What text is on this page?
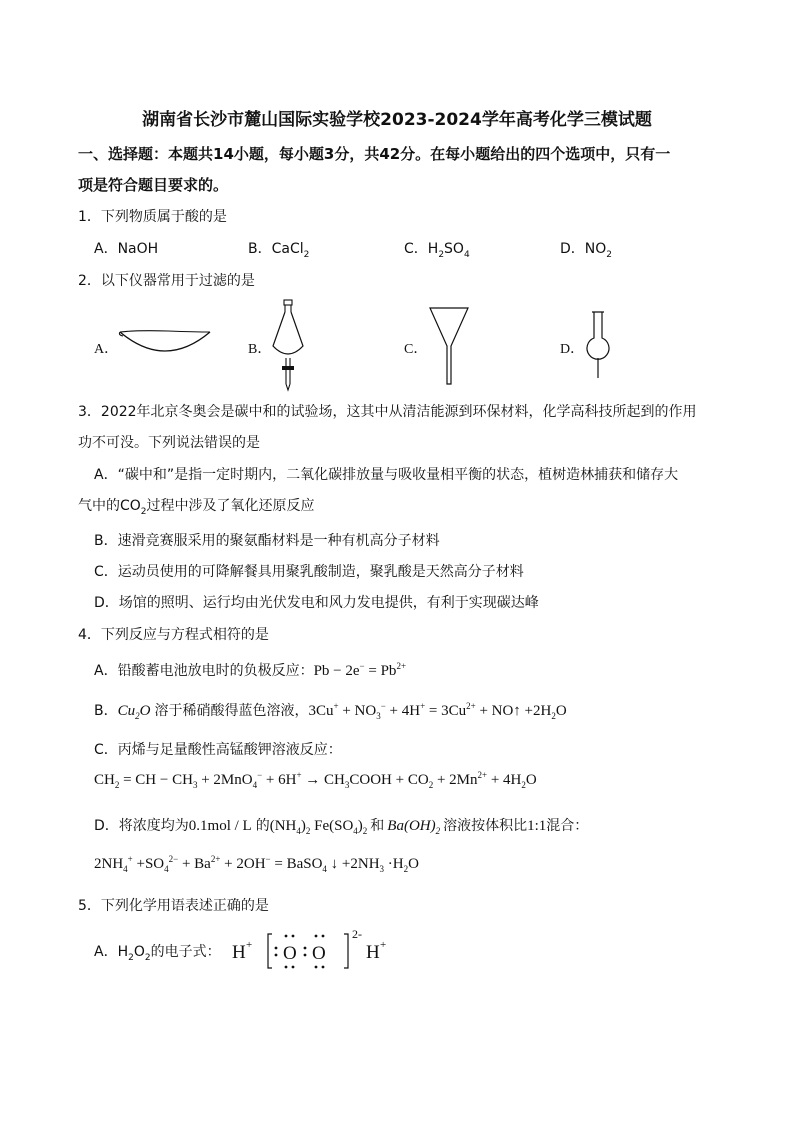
湖南省长沙市麓山国际实验学校2023-2024学年高考化学三模试题
一、选择题：本题共14小题，每小题3分，共42分。在每小题给出的四个选项中，只有一
项是符合题目要求的。
1．下列物质属于酸的是
A．NaOH	B．CaCl$_2$	C．$H_2SO_4$	D．$NO_2$
2．以下仪器常用于过滤的是
A．	B．	C．	D．
3．2022年北京冬奥会是碳中和的试验场，这其中从清洁能源到环保材料，化学高科技所起到的作用
功不可没。下列说法错误的是
A．“碳中和”是指一定时期内，二氧化碳排放量与吸收量相平衡的状态，植树造林捕获和储存大
气中的$CO_2$过程中涉及了氧化还原反应
B．速滑竞赛服采用的聚氨酯材料是一种有机高分子材料
C．运动员使用的可降解餐具用聚乳酸制造，聚乳酸是天然高分子材料
D．场馆的照明、运行均由光伏发电和风力发电提供，有利于实现碳达峰
4．下列反应与方程式相符的是
A．铅酸蓄电池放电时的负极反应：$Pb - 2e^- = Pb^{2+}$
B．$Cu_2O$ 溶于稀硝酸得蓝色溶液，$3Cu^+ + NO_3^- + 4H^+ = 3Cu^{2+}$ + NO↑ $+2H_2O$
C．丙烯与足量酸性高锰酸钾溶液反应：
$CH_2$ = CH − $CH_3 + 2MnO_4^- + 6H^+$ → $CH_3COOH + CO_2 + 2Mn^{2+} + 4H_2O$
D．将浓度均为0.1mol / L 的$(NH_4)_2$ $Fe(SO_4)_2$ 和 $Ba(OH)_2$ 溶液按体积比1:1混合：
$2NH_4^+ +SO_4^{2-} + Ba^{2+} + 2OH^-$ = BaSO$_4$ ↓ $+2NH_3 \cdot H_2O$
5．下列化学用语表述正确的是
A．$H_2O_2$的电子式： H + O O
2-
H +
